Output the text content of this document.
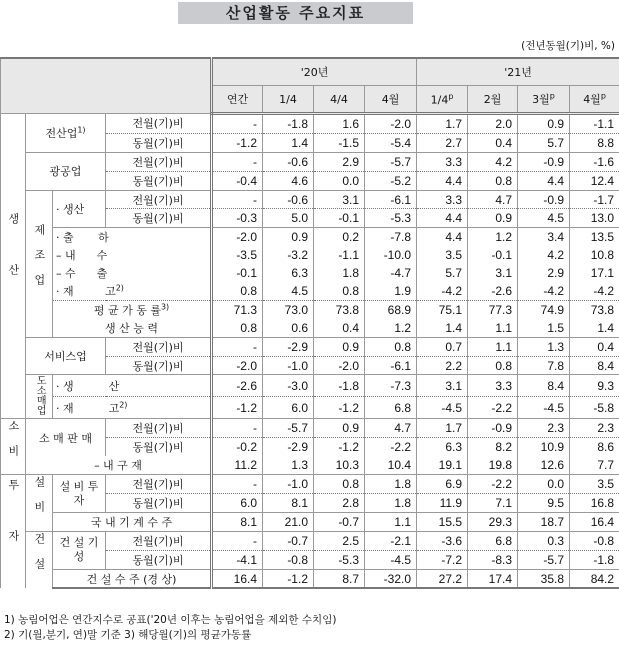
산업활동 주요지표
(전년동월(기)비, %)
				'20년				'21년			
				연간	1/4	4/4	4월	1/4$^p$	2월	3월$^p$	4월$^p$
생산	전산업$^{1)}$		전월(기)비	-	-1.8	1.6	-2.0	1.7	2.0	0.9	-1.1
			동월(기)비	-1.2	1.4	-1.5	-5.4	2.7	0.4	5.7	8.8
	광공업		전월(기)비	-	-0.6	2.9	-5.7	3.3	4.2	-0.9	-1.6
			동월(기)비	-0.4	4.6	0.0	-5.2	4.4	0.8	4.4	12.4
	제조업	· 생산	전월(기)비	-	-0.6	3.1	-6.1	3.3	4.7	-0.9	-1.7
			동월(기)비	-0.3	5.0	-0.1	-5.3	4.4	0.9	4.5	13.0
		· 출       하		-2.0	0.9	0.2	-7.8	4.4	1.2	3.4	13.5
		– 내      수		-3.5	-3.2	-1.1	-10.0	3.5	-0.1	4.2	10.8
		– 수      출		-0.1	6.3	1.8	-4.7	5.7	3.1	2.9	17.1
		· 재         고$^{2)}$		0.8	4.5	0.8	1.9	-4.2	-2.6	-4.2	-4.2
		평 균 가 동 률$^{3)}$		71.3	73.0	73.8	68.9	75.1	77.3	74.9	73.8
		생 산 능 력		0.8	0.6	0.4	1.2	1.4	1.1	1.5	1.4
	서비스업		전월(기)비	-	-2.9	0.9	0.8	0.7	1.1	1.3	0.4
			동월(기)비	-2.0	-1.0	-2.0	-6.1	2.2	0.8	7.8	8.4
	도소매업	· 생          산		-2.6	-3.0	-1.8	-7.3	3.1	3.3	8.4	9.3
		· 재          고$^{2)}$		-1.2	6.0	-1.2	6.8	-4.5	-2.2	-4.5	-5.8
소비	소 매 판 매		전월(기)비	-	-5.7	0.9	4.7	1.7	-0.9	2.3	2.3
			동월(기)비	-0.2	-2.9	-1.2	-2.2	6.3	8.2	10.9	8.6
	– 내 구 재			11.2	1.3	10.3	10.4	19.1	19.8	12.6	7.7
투자	설비	설 비 투 자	전월(기)비	-	-1.0	0.8	1.8	6.9	-2.2	0.0	3.5
			동월(기)비	6.0	8.1	2.8	1.8	11.9	7.1	9.5	16.8
		국 내 기 계 수 주		8.1	21.0	-0.7	1.1	15.5	29.3	18.7	16.4
	건설	건 설 기 성	전월(기)비	-	-0.7	2.5	-2.1	-3.6	6.8	0.3	-0.8
			동월(기)비	-4.1	-0.8	-5.3	-4.5	-7.2	-8.3	-5.7	-1.8
		건 설 수 주 (경 상)		16.4	-1.2	8.7	-32.0	27.2	17.4	35.8	84.2
1) 농림어업은 연간지수로 공표('20년 이후는 농림어업을 제외한 수치임)
2) 기(월,분기, 연)말 기준 3) 해당월(기)의 평균가동률
